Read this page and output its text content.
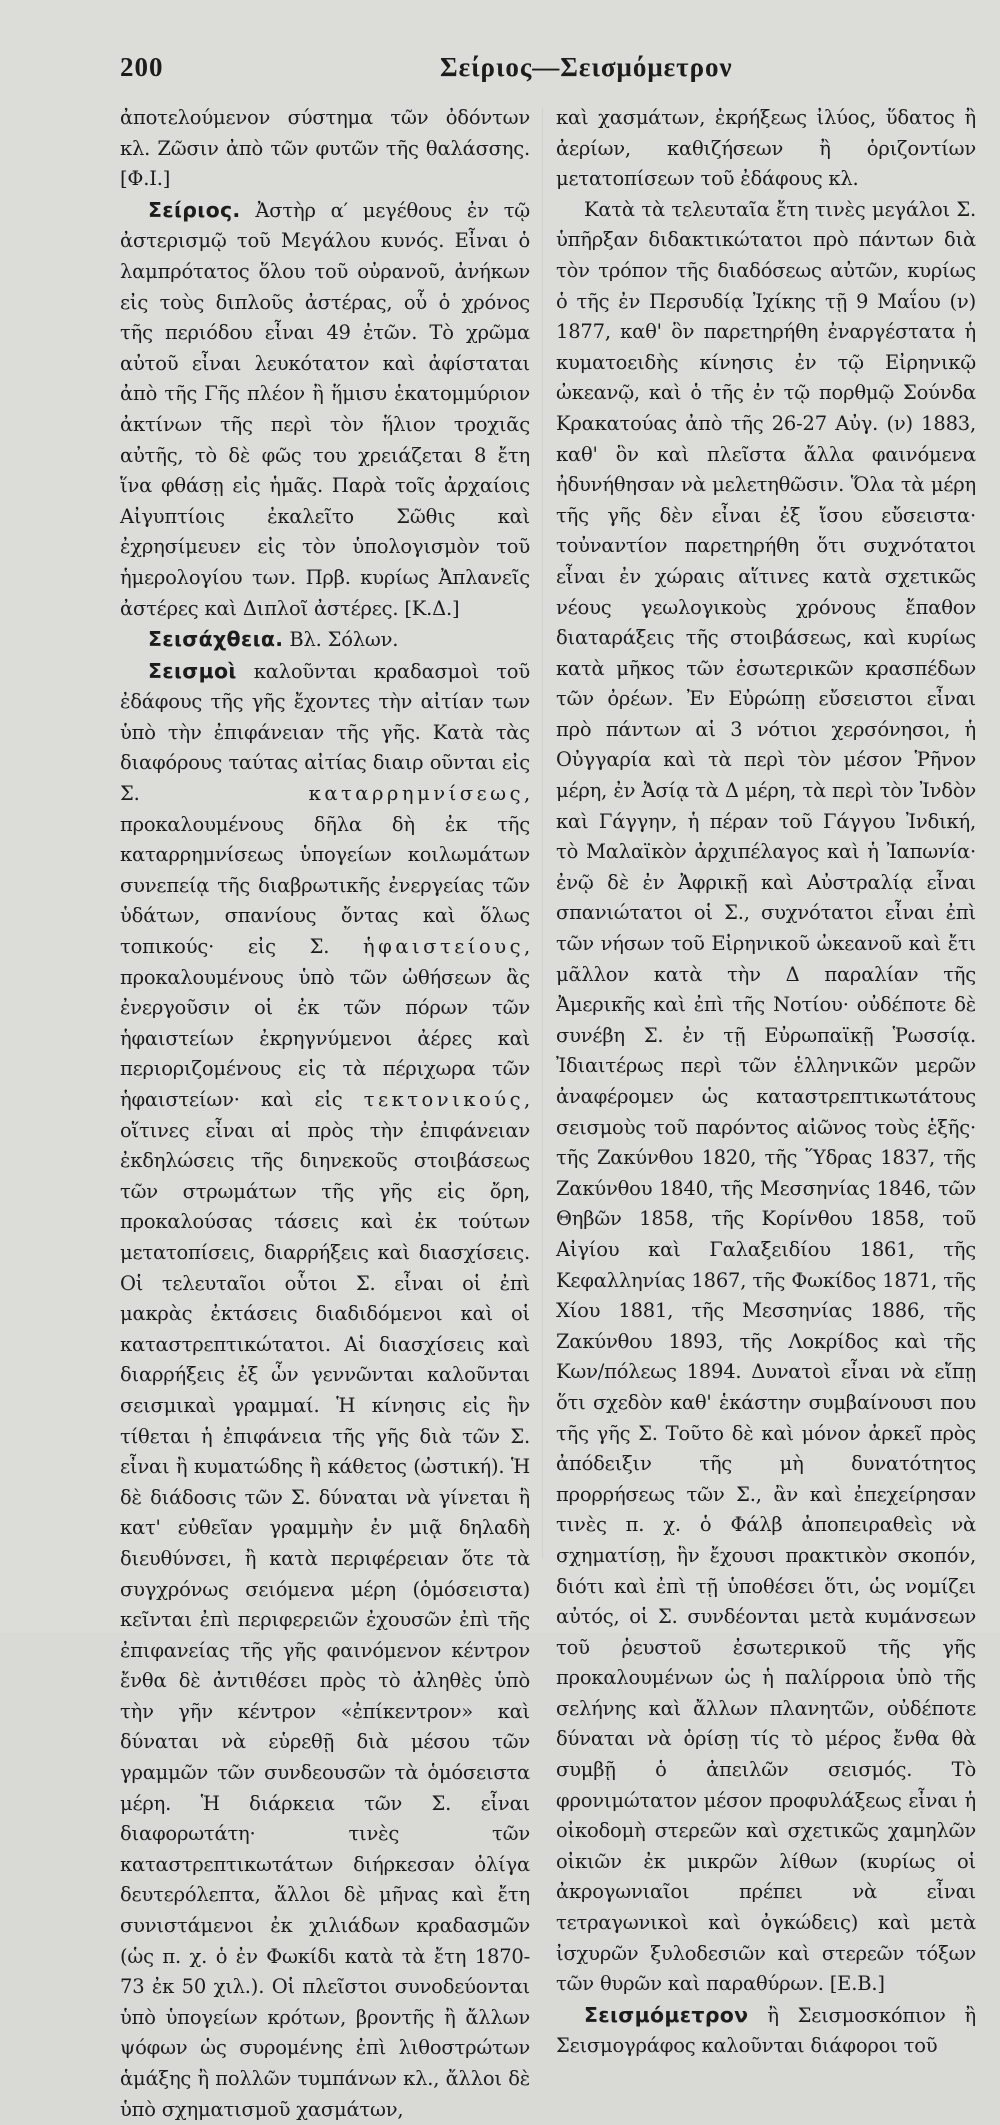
200	Σείριος—Σεισμόμετρον

ἀποτελούμενον σύστημα τῶν ὀδόντων κλ. Ζῶσιν ἀπὸ τῶν φυτῶν τῆς θαλάσσης. [Φ.Ι.]

Σείριος. Ἀστὴρ α′ μεγέθους ἐν τῷ ἀστερισμῷ τοῦ Μεγάλου κυνός. Εἶναι ὁ λαμπρότατος ὅλου τοῦ οὐρανοῦ, ἀνήκων εἰς τοὺς διπλοῦς ἀστέρας, οὗ ὁ χρόνος τῆς περιόδου εἶναι 49 ἐτῶν. Τὸ χρῶμα αὐτοῦ εἶναι λευκότατον καὶ ἀφίσταται ἀπὸ τῆς Γῆς πλέον ἢ ἥμισυ ἑκατομμύριον ἀκτίνων τῆς περὶ τὸν ἥλιον τροχιᾶς αὐτῆς, τὸ δὲ φῶς του χρειάζεται 8 ἔτη ἵνα φθάσῃ εἰς ἡμᾶς. Παρὰ τοῖς ἀρχαίοις Αἰγυπτίοις ἐκαλεῖτο Σῶθις καὶ ἐχρησίμευεν εἰς τὸν ὑπολογισμὸν τοῦ ἡμερολογίου των. Πρβ. κυρίως Ἀπλανεῖς ἀστέρες καὶ Διπλοῖ ἀστέρες. [Κ.Δ.]

Σεισάχθεια. Βλ. Σόλων.

Σεισμοὶ καλοῦνται κραδασμοὶ τοῦ ἐδάφους τῆς γῆς ἔχοντες τὴν αἰτίαν των ὑπὸ τὴν ἐπιφάνειαν τῆς γῆς. Κατὰ τὰς διαφόρους ταύτας αἰτίας διαιρ οῦνται εἰς Σ. καταρρημνίσεως, προκαλουμένους δῆλα δὴ ἐκ τῆς καταρρημνίσεως ὑπογείων κοιλωμάτων συνεπείᾳ τῆς διαβρωτικῆς ἐνεργείας τῶν ὑδάτων, σπανίους ὄντας καὶ ὅλως τοπικούς· εἰς Σ. ἡφαιστείους, προκαλουμένους ὑπὸ τῶν ὠθήσεων ἃς ἐνεργοῦσιν οἱ ἐκ τῶν πόρων τῶν ἡφαιστείων ἐκρηγνύμενοι ἀέρες καὶ περιοριζομένους εἰς τὰ πέριχωρα τῶν ἡφαιστείων· καὶ εἰς τεκτονικούς, οἵτινες εἶναι αἱ πρὸς τὴν ἐπιφάνειαν ἐκδηλώσεις τῆς διηνεκοῦς στοιβάσεως τῶν στρωμάτων τῆς γῆς εἰς ὄρη, προκαλούσας τάσεις καὶ ἐκ τούτων μετατοπίσεις, διαρρήξεις καὶ διασχίσεις. Οἱ τελευταῖοι οὗτοι Σ. εἶναι οἱ ἐπὶ μακρὰς ἐκτάσεις διαδιδόμενοι καὶ οἱ καταστρεπτικώτατοι. Αἱ διασχίσεις καὶ διαρρήξεις ἐξ ὧν γεννῶνται καλοῦνται σεισμικαὶ γραμμαί. Ἡ κίνησις εἰς ἣν τίθεται ἡ ἐπιφάνεια τῆς γῆς διὰ τῶν Σ. εἶναι ἢ κυματώδης ἢ κάθετος (ὠστική). Ἡ δὲ διάδοσις τῶν Σ. δύναται νὰ γίνεται ἢ κατ' εὐθεῖαν γραμμὴν ἐν μιᾷ δηλαδὴ διευθύνσει, ἢ κατὰ περιφέρειαν ὅτε τὰ συγχρόνως σειόμενα μέρη (ὁμόσειστα) κεῖνται ἐπὶ περιφερειῶν ἐχουσῶν ἐπὶ τῆς ἐπιφανείας τῆς γῆς φαινόμενον κέντρον ἔνθα δὲ ἀντιθέσει πρὸς τὸ ἀληθὲς ὑπὸ τὴν γῆν κέντρον «ἐπίκεντρον» καὶ δύναται νὰ εὑρεθῇ διὰ μέσου τῶν γραμμῶν τῶν συνδεουσῶν τὰ ὁμόσειστα μέρη. Ἡ διάρκεια τῶν Σ. εἶναι διαφορωτάτη· τινὲς τῶν καταστρεπτικωτάτων διήρκεσαν ὀλίγα δευτερόλεπτα, ἄλλοι δὲ μῆνας καὶ ἔτη συνιστάμενοι ἐκ χιλιάδων κραδασμῶν (ὡς π. χ. ὁ ἐν Φωκίδι κατὰ τὰ ἔτη 1870-73 ἐκ 50 χιλ.). Οἱ πλεῖστοι συνοδεύονται ὑπὸ ὑπογείων κρότων, βροντῆς ἢ ἄλλων ψόφων ὡς συρομένης ἐπὶ λιθοστρώτων ἁμάξης ἢ πολλῶν τυμπάνων κλ., ἄλλοι δὲ ὑπὸ σχηματισμοῦ χασμάτων,

καὶ χασμάτων, ἐκρήξεως ἰλύος, ὕδατος ἢ ἀερίων, καθιζήσεων ἢ ὁριζοντίων μετατοπίσεων τοῦ ἐδάφους κλ.

Κατὰ τὰ τελευταῖα ἔτη τινὲς μεγάλοι Σ. ὑπῆρξαν διδακτικώτατοι πρὸ πάντων διὰ τὸν τρόπον τῆς διαδόσεως αὐτῶν, κυρίως ὁ τῆς ἐν Περσυδίᾳ Ἰχίκης τῇ 9 Μαΐου (ν) 1877, καθ' ὃν παρετηρήθη ἐναργέστατα ἡ κυματοειδὴς κίνησις ἐν τῷ Εἰρηνικῷ ὠκεανῷ, καὶ ὁ τῆς ἐν τῷ πορθμῷ Σούνδα Κρακατούας ἀπὸ τῆς 26-27 Αὐγ. (ν) 1883, καθ' ὃν καὶ πλεῖστα ἄλλα φαινόμενα ἠδυνήθησαν νὰ μελετηθῶσιν. Ὅλα τὰ μέρη τῆς γῆς δὲν εἶναι ἐξ ἴσου εὔσειστα· τοὐναντίον παρετηρήθη ὅτι συχνότατοι εἶναι ἐν χώραις αἵτινες κατὰ σχετικῶς νέους γεωλογικοὺς χρόνους ἔπαθον διαταράξεις τῆς στοιβάσεως, καὶ κυρίως κατὰ μῆκος τῶν ἐσωτερικῶν κρασπέδων τῶν ὀρέων. Ἐν Εὐρώπῃ εὔσειστοι εἶναι πρὸ πάντων αἱ 3 νότιοι χερσόνησοι, ἡ Οὐγγαρία καὶ τὰ περὶ τὸν μέσον Ῥῆνον μέρη, ἐν Ἀσίᾳ τὰ Δ μέρη, τὰ περὶ τὸν Ἰνδὸν καὶ Γάγγην, ἡ πέραν τοῦ Γάγγου Ἰνδική, τὸ Μαλαϊκὸν ἀρχιπέλαγος καὶ ἡ Ἰαπωνία· ἐνῷ δὲ ἐν Ἀφρικῇ καὶ Αὐστραλίᾳ εἶναι σπανιώτατοι οἱ Σ., συχνότατοι εἶναι ἐπὶ τῶν νήσων τοῦ Εἰρηνικοῦ ὠκεανοῦ καὶ ἔτι μᾶλλον κατὰ τὴν Δ παραλίαν τῆς Ἀμερικῆς καὶ ἐπὶ τῆς Νοτίου· οὐδέποτε δὲ συνέβη Σ. ἐν τῇ Εὐρωπαϊκῇ Ῥωσσίᾳ. Ἰδιαιτέρως περὶ τῶν ἑλληνικῶν μερῶν ἀναφέρομεν ὡς καταστρεπτικωτάτους σεισμοὺς τοῦ παρόντος αἰῶνος τοὺς ἑξῆς· τῆς Ζακύνθου 1820, τῆς Ὕδρας 1837, τῆς Ζακύνθου 1840, τῆς Μεσσηνίας 1846, τῶν Θηβῶν 1858, τῆς Κορίνθου 1858, τοῦ Αἰγίου καὶ Γαλαξειδίου 1861, τῆς Κεφαλληνίας 1867, τῆς Φωκίδος 1871, τῆς Χίου 1881, τῆς Μεσσηνίας 1886, τῆς Ζακύνθου 1893, τῆς Λοκρίδος καὶ τῆς Κων/πόλεως 1894. Δυνατοὶ εἶναι νὰ εἴπῃ ὅτι σχεδὸν καθ' ἑκάστην συμβαίνουσι που τῆς γῆς Σ. Τοῦτο δὲ καὶ μόνον ἀρκεῖ πρὸς ἀπόδειξιν τῆς μὴ δυνατότητος προρρήσεως τῶν Σ., ἂν καὶ ἐπεχείρησαν τινὲς π. χ. ὁ Φάλβ ἀποπειραθεὶς νὰ σχηματίσῃ, ἣν ἔχουσι πρακτικὸν σκοπόν, διότι καὶ ἐπὶ τῇ ὑποθέσει ὅτι, ὡς νομίζει αὐτός, οἱ Σ. συνδέονται μετὰ κυμάνσεων τοῦ ῥευστοῦ ἐσωτερικοῦ τῆς γῆς προκαλουμένων ὡς ἡ παλίρροια ὑπὸ τῆς σελήνης καὶ ἄλλων πλανητῶν, οὐδέποτε δύναται νὰ ὁρίσῃ τίς τὸ μέρος ἔνθα θὰ συμβῇ ὁ ἀπειλῶν σεισμός. Τὸ φρονιμώτατον μέσον προφυλάξεως εἶναι ἡ οἰκοδομὴ στερεῶν καὶ σχετικῶς χαμηλῶν οἰκιῶν ἐκ μικρῶν λίθων (κυρίως οἱ ἀκρογωνιαῖοι πρέπει νὰ εἶναι τετραγωνικοὶ καὶ ὀγκώδεις) καὶ μετὰ ἰσχυρῶν ξυλοδεσιῶν καὶ στερεῶν τόξων τῶν θυρῶν καὶ παραθύρων. [Ε.Β.]

Σεισμόμετρον ἢ Σεισμοσκόπιον ἢ Σεισμογράφος καλοῦνται διάφοροι τοῦ
